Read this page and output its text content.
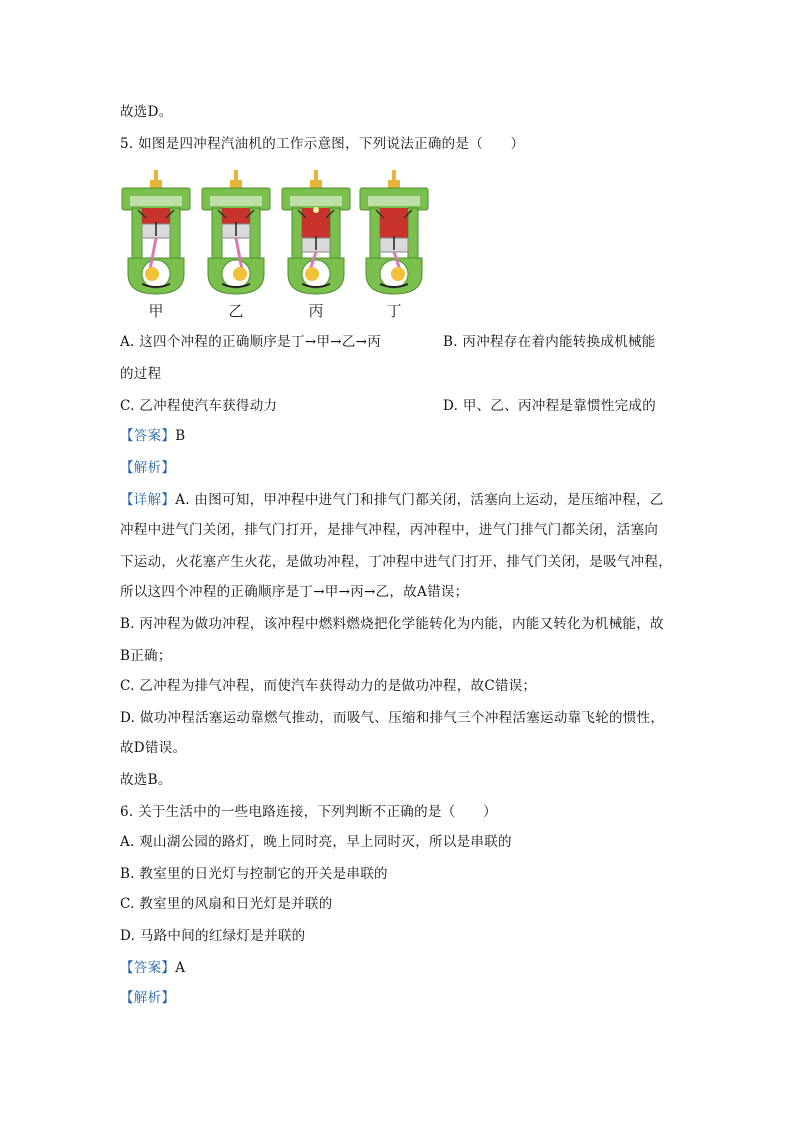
故选D。
5. 如图是四冲程汽油机的工作示意图，下列说法正确的是（　　）
甲	乙	丙	丁
A. 这四个冲程的正确顺序是丁→甲→乙→丙	B. 丙冲程存在着内能转换成机械能
的过程
C. 乙冲程使汽车获得动力	D. 甲、乙、丙冲程是靠惯性完成的
【答案】B
【解析】
【详解】A. 由图可知，甲冲程中进气门和排气门都关闭，活塞向上运动，是压缩冲程，乙
冲程中进气门关闭，排气门打开，是排气冲程，丙冲程中，进气门排气门都关闭，活塞向
下运动，火花塞产生火花，是做功冲程，丁冲程中进气门打开，排气门关闭，是吸气冲程，
所以这四个冲程的正确顺序是丁→甲→丙→乙，故A错误；
B. 丙冲程为做功冲程，该冲程中燃料燃烧把化学能转化为内能，内能又转化为机械能，故
B正确；
C. 乙冲程为排气冲程，而使汽车获得动力的是做功冲程，故C错误；
D. 做功冲程活塞运动靠燃气推动，而吸气、压缩和排气三个冲程活塞运动靠飞轮的惯性，
故D错误。
故选B。
6. 关于生活中的一些电路连接，下列判断不正确的是（　　）
A. 观山湖公园的路灯，晚上同时亮，早上同时灭，所以是串联的
B. 教室里的日光灯与控制它的开关是串联的
C. 教室里的风扇和日光灯是并联的
D. 马路中间的红绿灯是并联的
【答案】A
【解析】
